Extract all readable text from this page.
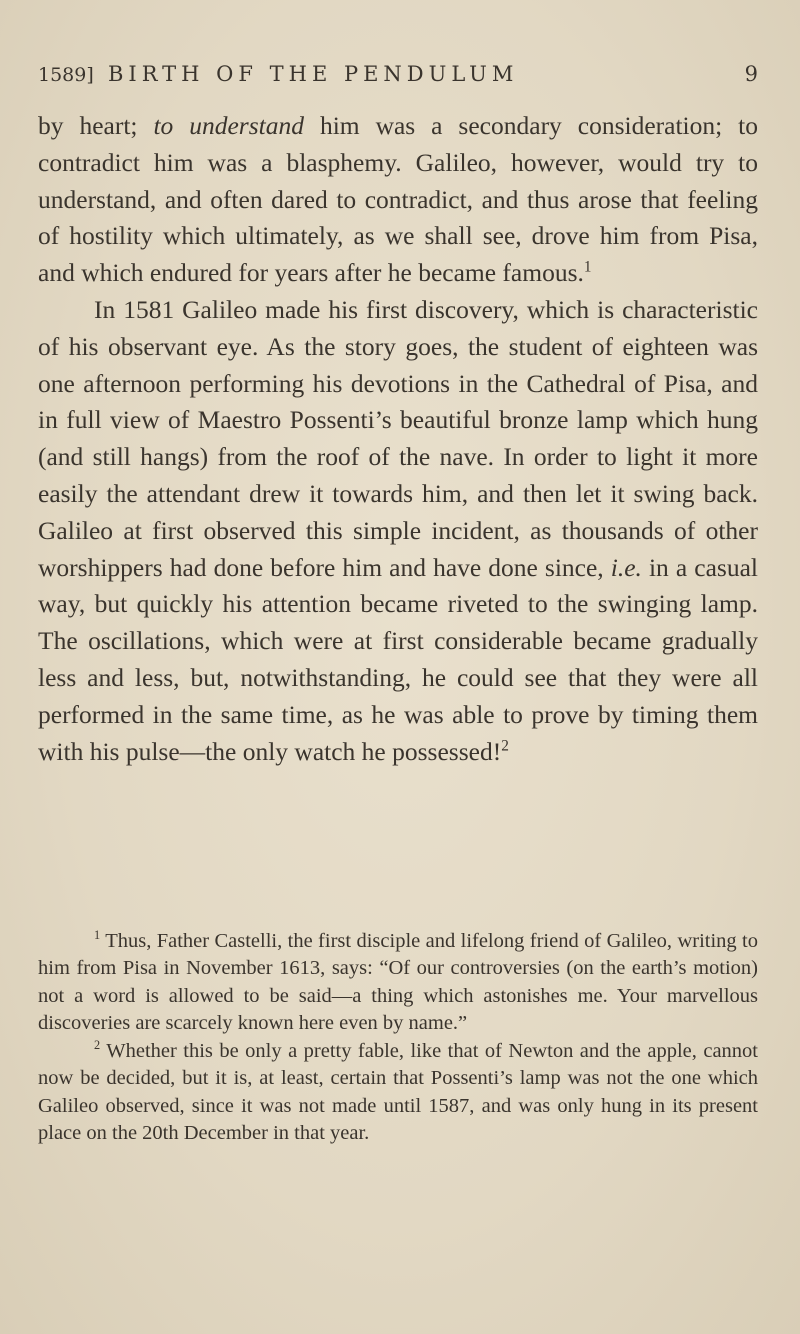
1589] BIRTH OF THE PENDULUM	9

by heart; to understand him was a secondary consideration; to contradict him was a blasphemy. Galileo, however, would try to understand, and often dared to contradict, and thus arose that feeling of hostility which ultimately, as we shall see, drove him from Pisa, and which endured for years after he became famous.$^1$

In 1581 Galileo made his first discovery, which is characteristic of his observant eye. As the story goes, the student of eighteen was one afternoon performing his devotions in the Cathedral of Pisa, and in full view of Maestro Possenti’s beautiful bronze lamp which hung (and still hangs) from the roof of the nave. In order to light it more easily the attendant drew it towards him, and then let it swing back. Galileo at first observed this simple incident, as thousands of other worshippers had done before him and have done since, i.e. in a casual way, but quickly his attention became riveted to the swinging lamp. The oscillations, which were at first considerable became gradually less and less, but, notwithstanding, he could see that they were all performed in the same time, as he was able to prove by timing them with his pulse—the only watch he possessed!$^2$

$^1$ Thus, Father Castelli, the first disciple and lifelong friend of Galileo, writing to him from Pisa in November 1613, says: “Of our controversies (on the earth’s motion) not a word is allowed to be said—a thing which astonishes me. Your marvellous discoveries are scarcely known here even by name.”
$^2$ Whether this be only a pretty fable, like that of Newton and the apple, cannot now be decided, but it is, at least, certain that Possenti’s lamp was not the one which Galileo observed, since it was not made until 1587, and was only hung in its present place on the 20th December in that year.
